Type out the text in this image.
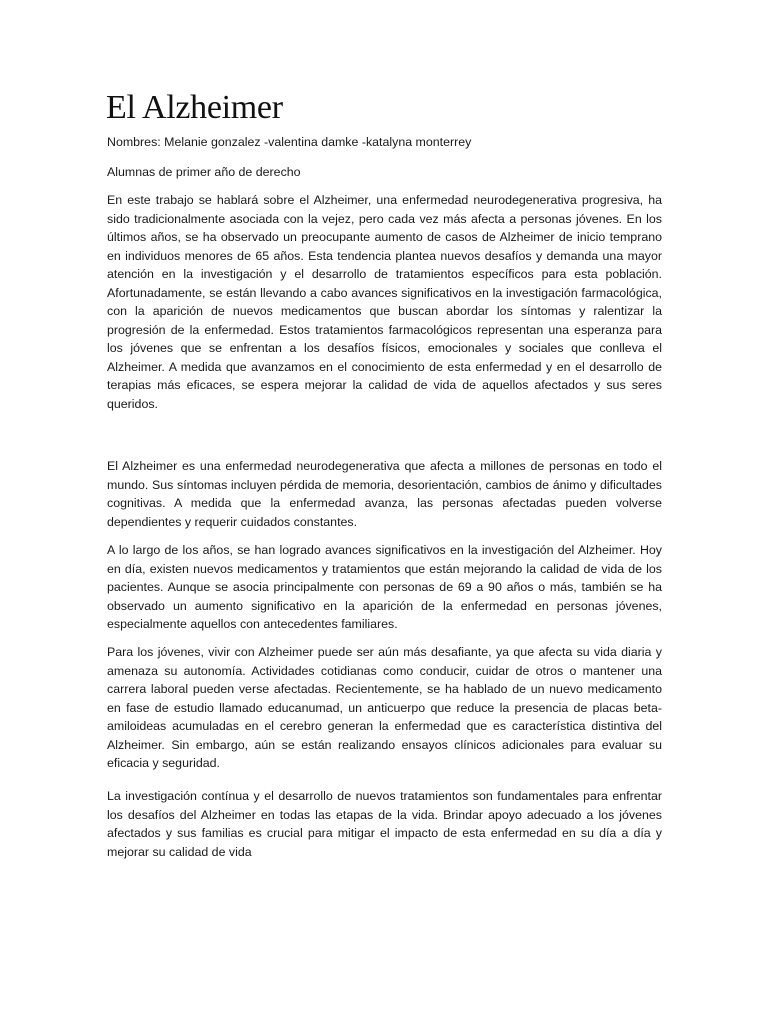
El Alzheimer

Nombres: Melanie gonzalez -valentina damke -katalyna monterrey

Alumnas de primer año de derecho

En este trabajo se hablará sobre el Alzheimer, una enfermedad neurodegenerativa progresiva, ha sido tradicionalmente asociada con la vejez, pero cada vez más afecta a personas jóvenes. En los últimos años, se ha observado un preocupante aumento de casos de Alzheimer de inicio temprano en individuos menores de 65 años. Esta tendencia plantea nuevos desafíos y demanda una mayor atención en la investigación y el desarrollo de tratamientos específicos para esta población. Afortunadamente, se están llevando a cabo avances significativos en la investigación farmacológica, con la aparición de nuevos medicamentos que buscan abordar los síntomas y ralentizar la progresión de la enfermedad. Estos tratamientos farmacológicos representan una esperanza para los jóvenes que se enfrentan a los desafíos físicos, emocionales y sociales que conlleva el Alzheimer. A medida que avanzamos en el conocimiento de esta enfermedad y en el desarrollo de terapias más eficaces, se espera mejorar la calidad de vida de aquellos afectados y sus seres queridos.

El Alzheimer es una enfermedad neurodegenerativa que afecta a millones de personas en todo el mundo. Sus síntomas incluyen pérdida de memoria, desorientación, cambios de ánimo y dificultades cognitivas. A medida que la enfermedad avanza, las personas afectadas pueden volverse dependientes y requerir cuidados constantes.

A lo largo de los años, se han logrado avances significativos en la investigación del Alzheimer. Hoy en día, existen nuevos medicamentos y tratamientos que están mejorando la calidad de vida de los pacientes. Aunque se asocia principalmente con personas de 69 a 90 años o más, también se ha observado un aumento significativo en la aparición de la enfermedad en personas jóvenes, especialmente aquellos con antecedentes familiares.

Para los jóvenes, vivir con Alzheimer puede ser aún más desafiante, ya que afecta su vida diaria y amenaza su autonomía. Actividades cotidianas como conducir, cuidar de otros o mantener una carrera laboral pueden verse afectadas. Recientemente, se ha hablado de un nuevo medicamento en fase de estudio llamado educanumad, un anticuerpo que reduce la presencia de placas beta-amiloideas acumuladas en el cerebro generan la enfermedad que es característica distintiva del Alzheimer. Sin embargo, aún se están realizando ensayos clínicos adicionales para evaluar su eficacia y seguridad.

La investigación contínua y el desarrollo de nuevos tratamientos son fundamentales para enfrentar los desafíos del Alzheimer en todas las etapas de la vida. Brindar apoyo adecuado a los jóvenes afectados y sus familias es crucial para mitigar el impacto de esta enfermedad en su día a día y mejorar su calidad de vida
